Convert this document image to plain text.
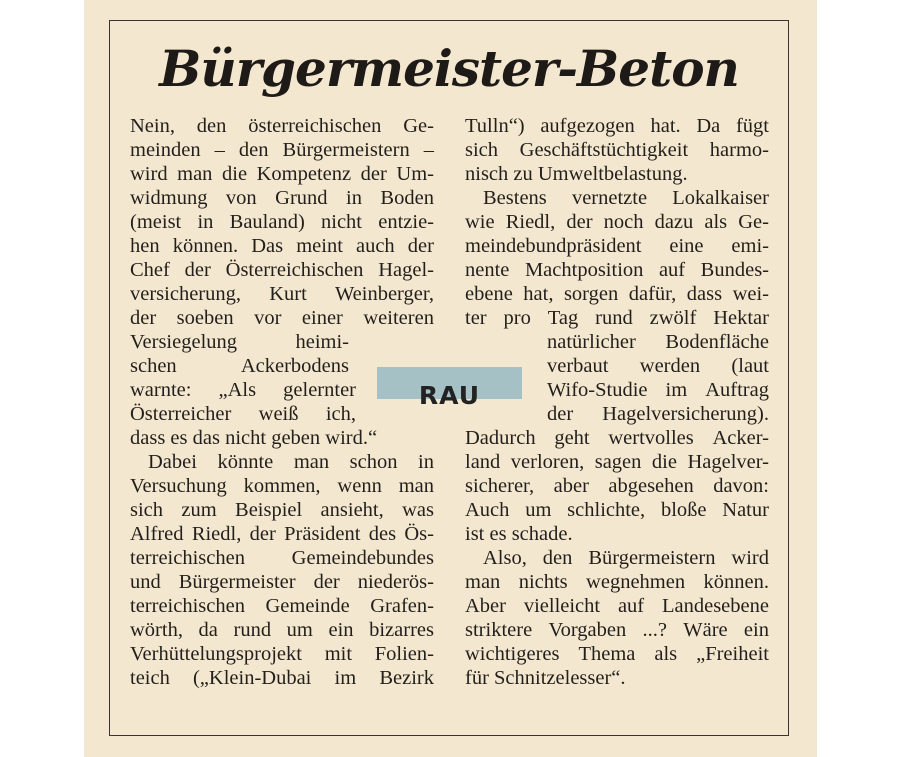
Bürgermeister-Beton
Nein, den österreichischen Ge-
meinden – den Bürgermeistern –
wird man die Kompetenz der Um-
widmung von Grund in Boden
(meist in Bauland) nicht entzie-
hen können. Das meint auch der
Chef der Österreichischen Hagel-
versicherung, Kurt Weinberger,
der soeben vor einer weiteren
Versiegelung	heimi-
schen	Ackerbodens
warnte: „Als gelernter
Österreicher weiß ich,
dass es das nicht geben wird.“
Dabei könnte man schon in
Versuchung kommen, wenn man
sich zum Beispiel ansieht, was
Alfred Riedl, der Präsident des Ös-
terreichischen Gemeindebundes
und Bürgermeister der niederös-
terreichischen Gemeinde Grafen-
wörth, da rund um ein bizarres
Verhüttelungsprojekt mit Folien-
teich („Klein-Dubai im Bezirk
Tulln“) aufgezogen hat. Da fügt
sich Geschäftstüchtigkeit harmo-
nisch zu Umweltbelastung.
Bestens vernetzte Lokalkaiser
wie Riedl, der noch dazu als Ge-
meindebundpräsident eine emi-
nente Machtposition auf Bundes-
ebene hat, sorgen dafür, dass wei-
ter pro Tag rund zwölf Hektar
natürlicher Bodenfläche
verbaut werden (laut
Wifo-Studie im Auftrag
der Hagelversicherung).
Dadurch geht wertvolles Acker-
land verloren, sagen die Hagelver-
sicherer, aber abgesehen davon:
Auch um schlichte, bloße Natur
ist es schade.
Also, den Bürgermeistern wird
man nichts wegnehmen können.
Aber vielleicht auf Landesebene
striktere Vorgaben ...? Wäre ein
wichtigeres Thema als „Freiheit
für Schnitzelesser“.
RAU
